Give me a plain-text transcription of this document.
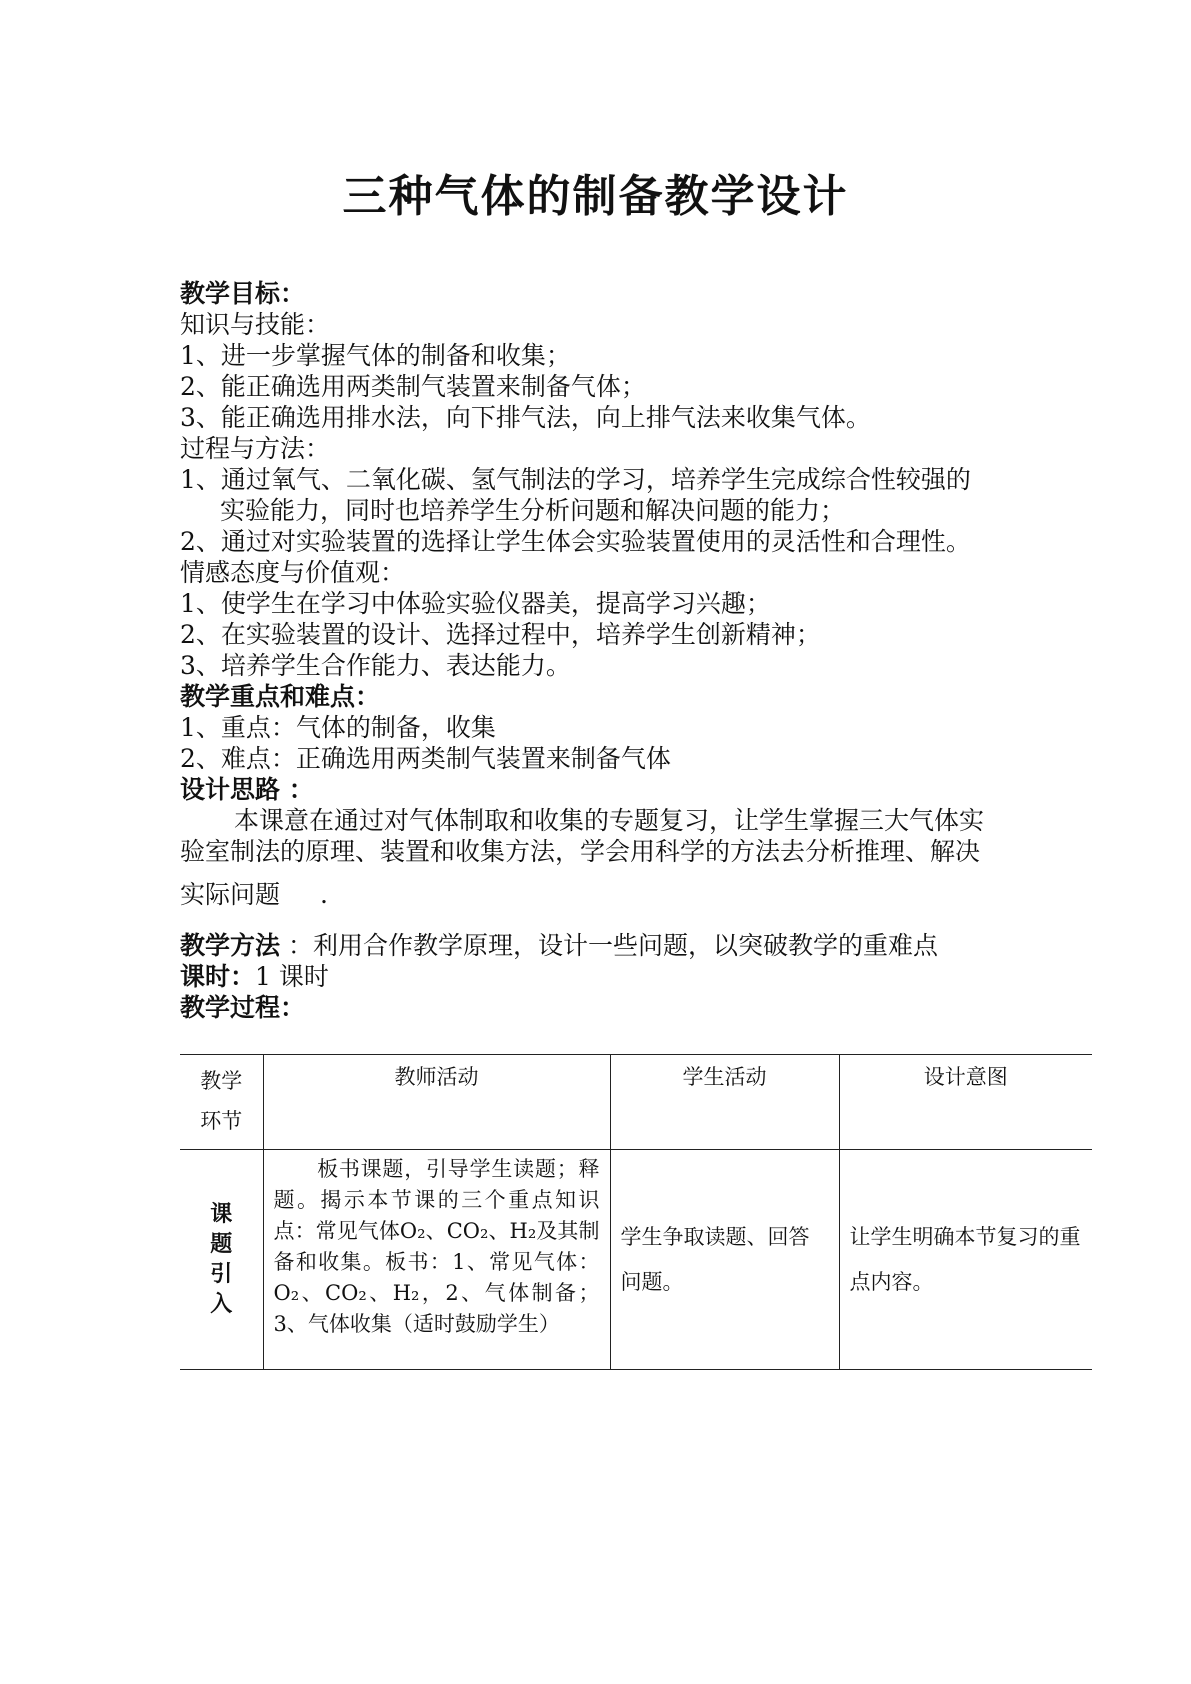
三种气体的制备教学设计
教学目标：
知识与技能：
1、进一步掌握气体的制备和收集；
2、能正确选用两类制气装置来制备气体；
3、能正确选用排水法，向下排气法，向上排气法来收集气体。
过程与方法：
1、通过氧气、二氧化碳、氢气制法的学习，培养学生完成综合性较强的
实验能力，同时也培养学生分析问题和解决问题的能力；
2、通过对实验装置的选择让学生体会实验装置使用的灵活性和合理性。
情感态度与价值观：
1、使学生在学习中体验实验仪器美，提高学习兴趣；
2、在实验装置的设计、选择过程中，培养学生创新精神；
3、培养学生合作能力、表达能力。
教学重点和难点：
1、重点：气体的制备，收集
2、难点：正确选用两类制气装置来制备气体
设计思路 ：
本课意在通过对气体制取和收集的专题复习，让学生掌握三大气体实
验室制法的原理、装置和收集方法，学会用科学的方法去分析推理、解决
实际问题 .
教学方法 ：利用合作教学原理，设计一些问题，以突破教学的重难点
课时：1 课时
教学过程：
教学环节	教师活动	学生活动	设计意图
课题引入	　　板书课题，引导学生读题；释题。揭示本节课的三个重点知识点：常见气体O₂、CO₂、H₂及其制备和收集。板书：1、常见气体：O₂、CO₂、H₂，2、气体制备；3、气体收集（适时鼓励学生）	学生争取读题、回答问题。	让学生明确本节复习的重点内容。
